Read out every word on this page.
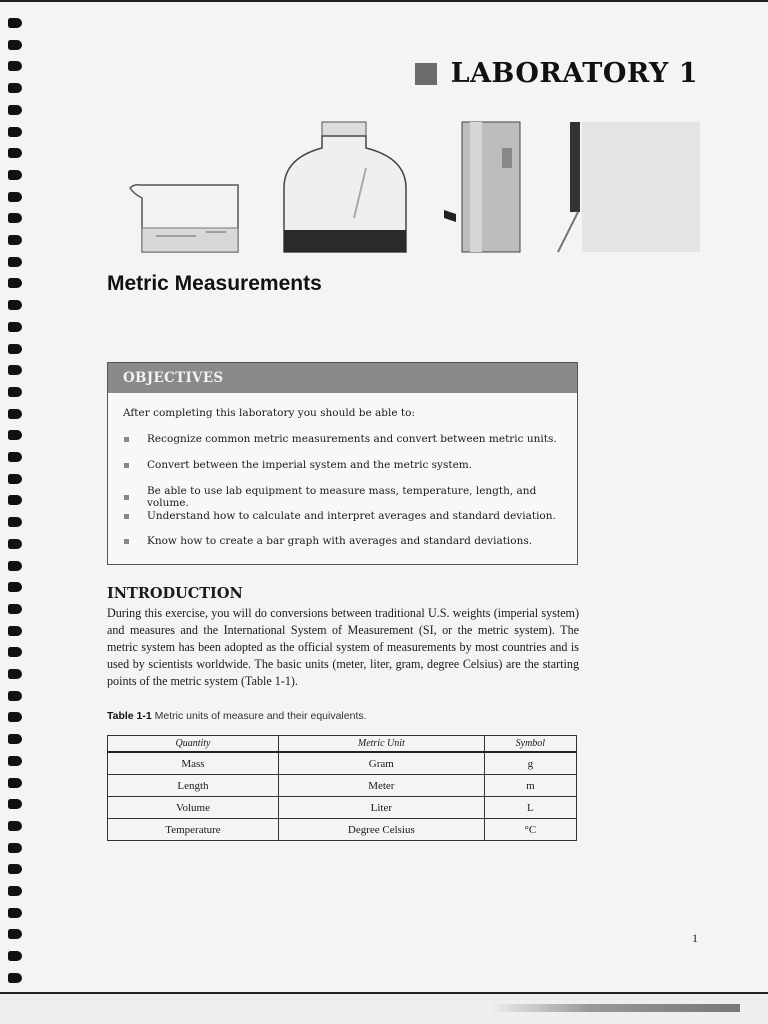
LABORATORY 1
Metric Measurements
OBJECTIVES
After completing this laboratory you should be able to:
Recognize common metric measurements and convert between metric units.
Convert between the imperial system and the metric system.
Be able to use lab equipment to measure mass, temperature, length, and volume.
Understand how to calculate and interpret averages and standard deviation.
Know how to create a bar graph with averages and standard deviations.
INTRODUCTION
During this exercise, you will do conversions between traditional U.S. weights (imperial system) and measures and the International System of Measurement (SI, or the metric system). The metric system has been adopted as the official system of measurements by most countries and is used by scientists worldwide. The basic units (meter, liter, gram, degree Celsius) are the starting points of the metric system (Table 1-1).
Table 1-1 Metric units of measure and their equivalents.
Quantity	Metric Unit	Symbol
Mass	Gram	g
Length	Meter	m
Volume	Liter	L
Temperature	Degree Celsius	°C
1
